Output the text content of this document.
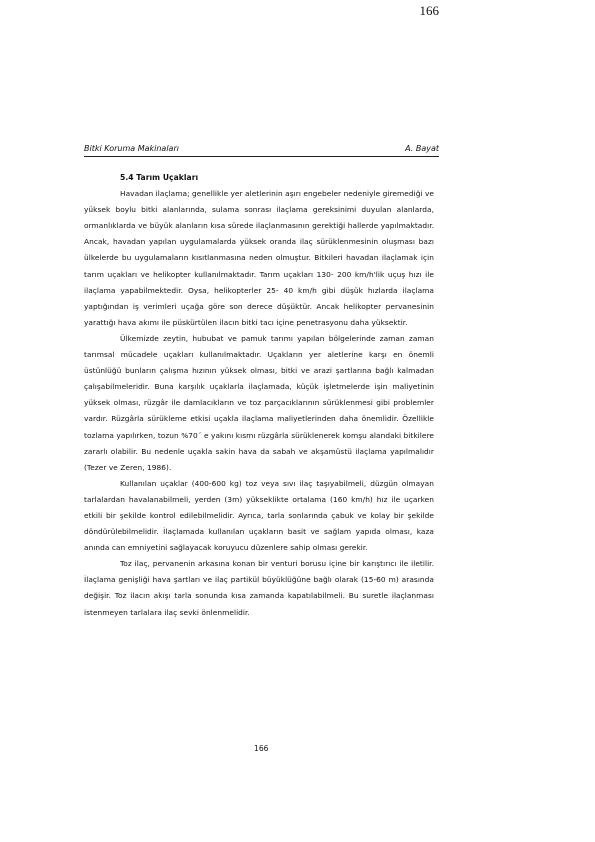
166
Bitki Koruma Makinaları	A. Bayat

5.4 Tarım Uçakları

Havadan ilaçlama; genellikle yer aletlerinin aşırı engebeler nedeniyle giremediği ve yüksek boylu bitki alanlarında, sulama sonrası ilaçlama gereksinimi duyulan alanlarda, ormanlıklarda ve büyük alanların kısa sürede ilaçlanmasının gerektiği hallerde yapılmaktadır. Ancak, havadan yapılan uygulamalarda yüksek oranda ilaç sürüklenmesinin oluşması bazı ülkelerde bu uygulamaların kısıtlanmasına neden olmuştur. Bitkileri havadan ilaçlamak için tarım uçakları ve helikopter kullanılmaktadır. Tarım uçakları 130- 200 km/h'lik uçuş hızı ile ilaçlama yapabilmektedir. Oysa, helikopterler 25- 40 km/h gibi düşük hızlarda ilaçlama yaptığından iş verimleri uçağa göre son derece düşüktür. Ancak helikopter pervanesinin yarattığı hava akımı ile püskürtülen ilacın bitki tacı içine penetrasyonu daha yüksektir.

Ülkemizde zeytin, hububat ve pamuk tarımı yapılan bölgelerinde zaman zaman tarımsal mücadele uçakları kullanılmaktadır. Uçakların yer aletlerine karşı en önemli üstünlüğü bunların çalışma hızının yüksek olması, bitki ve arazi şartlarına bağlı kalmadan çalışabilmeleridir. Buna karşılık uçaklarla ilaçlamada, küçük işletmelerde işin maliyetinin yüksek olması, rüzgâr ile damlacıkların ve toz parçacıklarının sürüklenmesi gibi problemler vardır. Rüzgârla sürükleme etkisi uçakla ilaçlama maliyetlerinden daha önemlidir. Özellikle tozlama yapılırken, tozun %70´ e yakını kısmı rüzgârla sürüklenerek komşu alandaki bitkilere zararlı olabilir. Bu nedenle uçakla sakin hava da sabah ve akşamüstü ilaçlama yapılmalıdır (Tezer ve Zeren, 1986).

Kullanılan uçaklar (400-600 kg) toz veya sıvı ilaç taşıyabilmeli, düzgün olmayan tarlalardan havalanabilmeli, yerden (3m) yükseklikte ortalama (160 km/h) hız ile uçarken etkili bir şekilde kontrol edilebilmelidir. Ayrıca, tarla sonlarında çabuk ve kolay bir şekilde döndürülebilmelidir. İlaçlamada kullanılan uçakların basit ve sağlam yapıda olması, kaza anında can emniyetini sağlayacak koruyucu düzenlere sahip olması gerekir.

Toz ilaç, pervanenin arkasına konan bir venturi borusu içine bir karıştırıcı ile iletilir. İlaçlama genişliği hava şartları ve ilaç partikül büyüklüğüne bağlı olarak (15-60 m) arasında değişir. Toz ilacın akışı tarla sonunda kısa zamanda kapatılabilmeli. Bu suretle ilaçlanması istenmeyen tarlalara ilaç sevki önlenmelidir.

166
